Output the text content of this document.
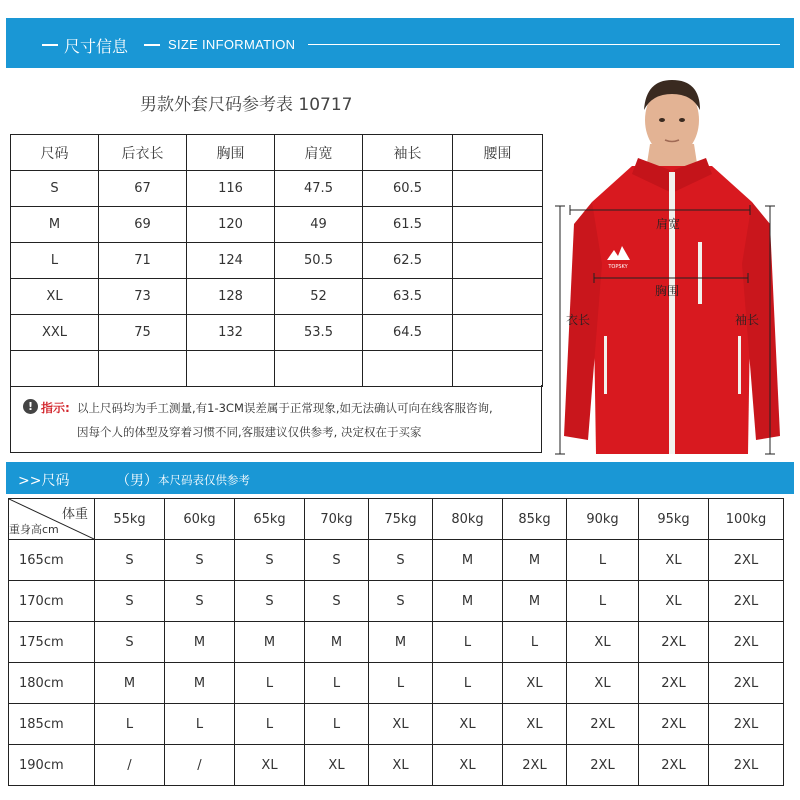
尺寸信息	SIZE INFORMATION
男款外套尺码参考表 10717
尺码	后衣长	胸围	肩宽	袖长	腰围
S	67	116	47.5	60.5	
M	69	120	49	61.5	
L	71	124	50.5	62.5	
XL	73	128	52	63.5	
XXL	75	132	53.5	64.5	

! 指示: 以上尺码均为手工测量,有1-3CM误差属于正常现象,如无法确认可向在线客服咨询,
因每个人的体型及穿着习惯不同,客服建议仅供参考, 决定权在于买家
TOPSKY
肩宽
胸围
衣长	袖长
>>尺码	（男） 本尺码表仅供参考
体重
重身高cm	55kg	60kg	65kg	70kg	75kg	80kg	85kg	90kg	95kg	100kg
165cm	S	S	S	S	S	M	M	L	XL	2XL
170cm	S	S	S	S	S	M	M	L	XL	2XL
175cm	S	M	M	M	M	L	L	XL	2XL	2XL
180cm	M	M	L	L	L	L	XL	XL	2XL	2XL
185cm	L	L	L	L	XL	XL	XL	2XL	2XL	2XL
190cm	/	/	XL	XL	XL	XL	2XL	2XL	2XL	2XL
